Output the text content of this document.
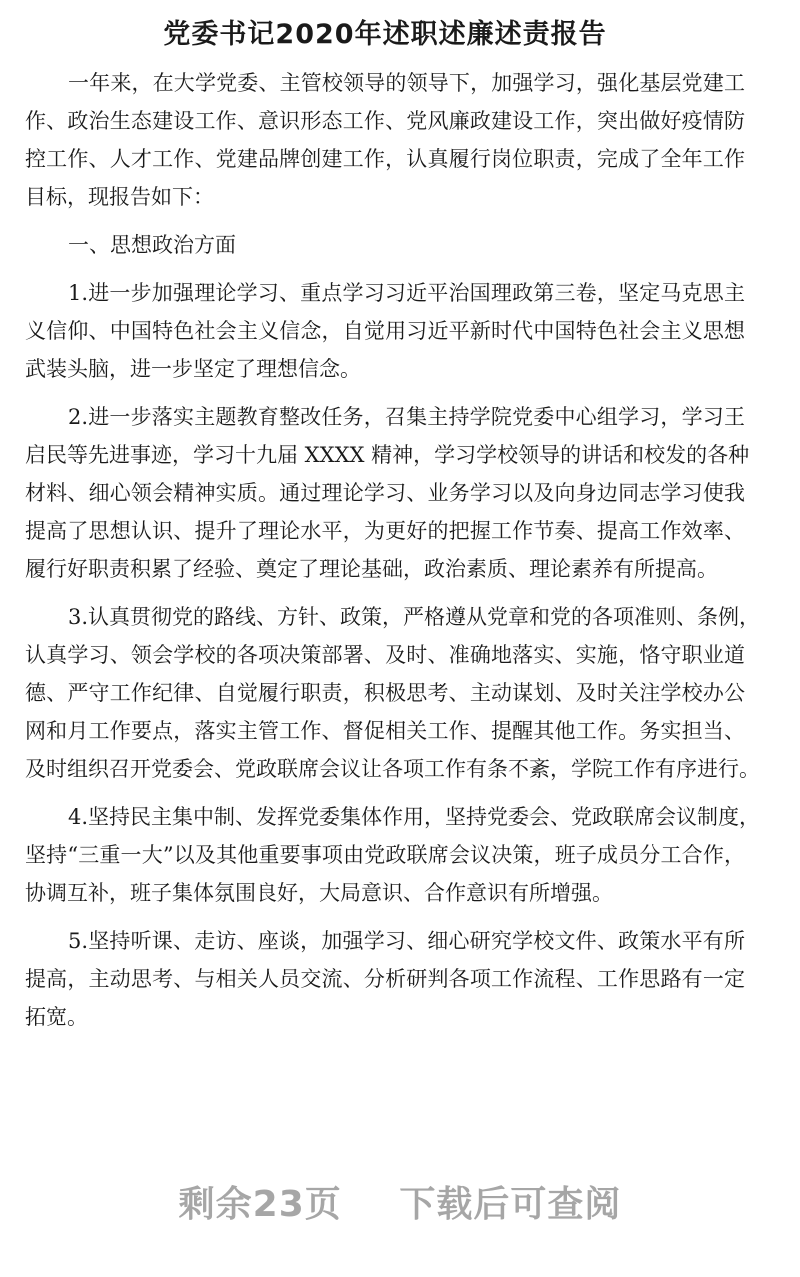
党委书记2020年述职述廉述责报告
一年来，在大学党委、主管校领导的领导下，加强学习，强化基层党建工
作、政治生态建设工作、意识形态工作、党风廉政建设工作，突出做好疫情防
控工作、人才工作、党建品牌创建工作，认真履行岗位职责，完成了全年工作
目标，现报告如下：
一、思想政治方面
1.进一步加强理论学习、重点学习习近平治国理政第三卷，坚定马克思主
义信仰、中国特色社会主义信念，自觉用习近平新时代中国特色社会主义思想
武装头脑，进一步坚定了理想信念。
2.进一步落实主题教育整改任务，召集主持学院党委中心组学习，学习王
启民等先进事迹，学习十九届 XXXX 精神，学习学校领导的讲话和校发的各种
材料、细心领会精神实质。通过理论学习、业务学习以及向身边同志学习使我
提高了思想认识、提升了理论水平，为更好的把握工作节奏、提高工作效率、
履行好职责积累了经验、奠定了理论基础，政治素质、理论素养有所提高。
3.认真贯彻党的路线、方针、政策，严格遵从党章和党的各项准则、条例，
认真学习、领会学校的各项决策部署、及时、准确地落实、实施，恪守职业道
德、严守工作纪律、自觉履行职责，积极思考、主动谋划、及时关注学校办公
网和月工作要点，落实主管工作、督促相关工作、提醒其他工作。务实担当、
及时组织召开党委会、党政联席会议让各项工作有条不紊，学院工作有序进行。
4.坚持民主集中制、发挥党委集体作用，坚持党委会、党政联席会议制度，
坚持“三重一大”以及其他重要事项由党政联席会议决策，班子成员分工合作，
协调互补，班子集体氛围良好，大局意识、合作意识有所增强。
5.坚持听课、走访、座谈，加强学习、细心研究学校文件、政策水平有所
提高，主动思考、与相关人员交流、分析研判各项工作流程、工作思路有一定
拓宽。
剩余23页 下载后可查阅
